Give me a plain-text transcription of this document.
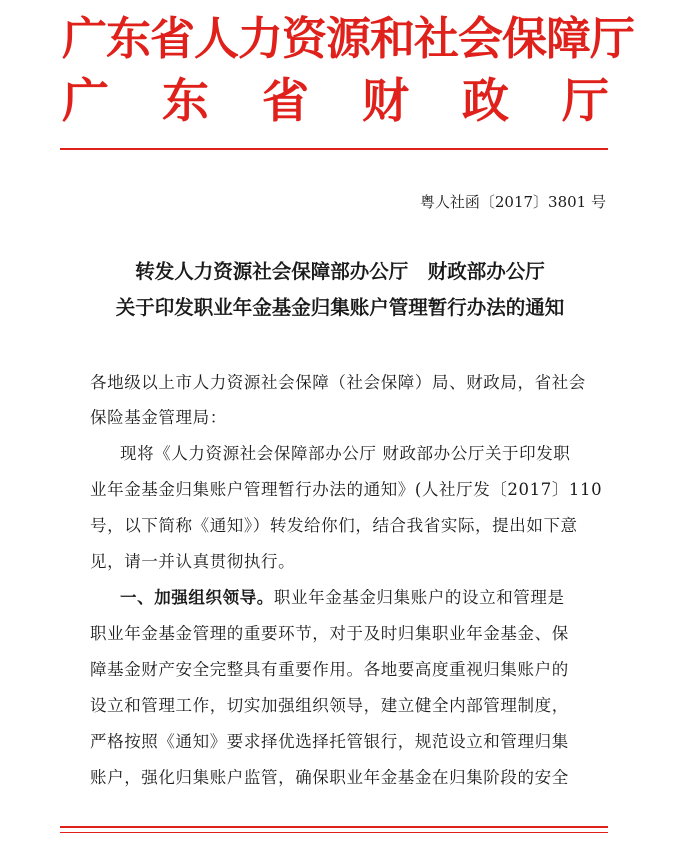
广东省人力资源和社会保障厅
广东省财政厅
粤人社函〔2017〕3801 号
转发人力资源社会保障部办公厅　财政部办公厅
关于印发职业年金基金归集账户管理暂行办法的通知
各地级以上市人力资源社会保障（社会保障）局、财政局，省社会
保险基金管理局：
现将《人力资源社会保障部办公厅 财政部办公厅关于印发职
业年金基金归集账户管理暂行办法的通知》(人社厅发〔2017〕110
号，以下简称《通知》）转发给你们，结合我省实际，提出如下意
见，请一并认真贯彻执行。
一、加强组织领导。职业年金基金归集账户的设立和管理是
职业年金基金管理的重要环节，对于及时归集职业年金基金、保
障基金财产安全完整具有重要作用。各地要高度重视归集账户的
设立和管理工作，切实加强组织领导，建立健全内部管理制度，
严格按照《通知》要求择优选择托管银行，规范设立和管理归集
账户，强化归集账户监管，确保职业年金基金在归集阶段的安全
